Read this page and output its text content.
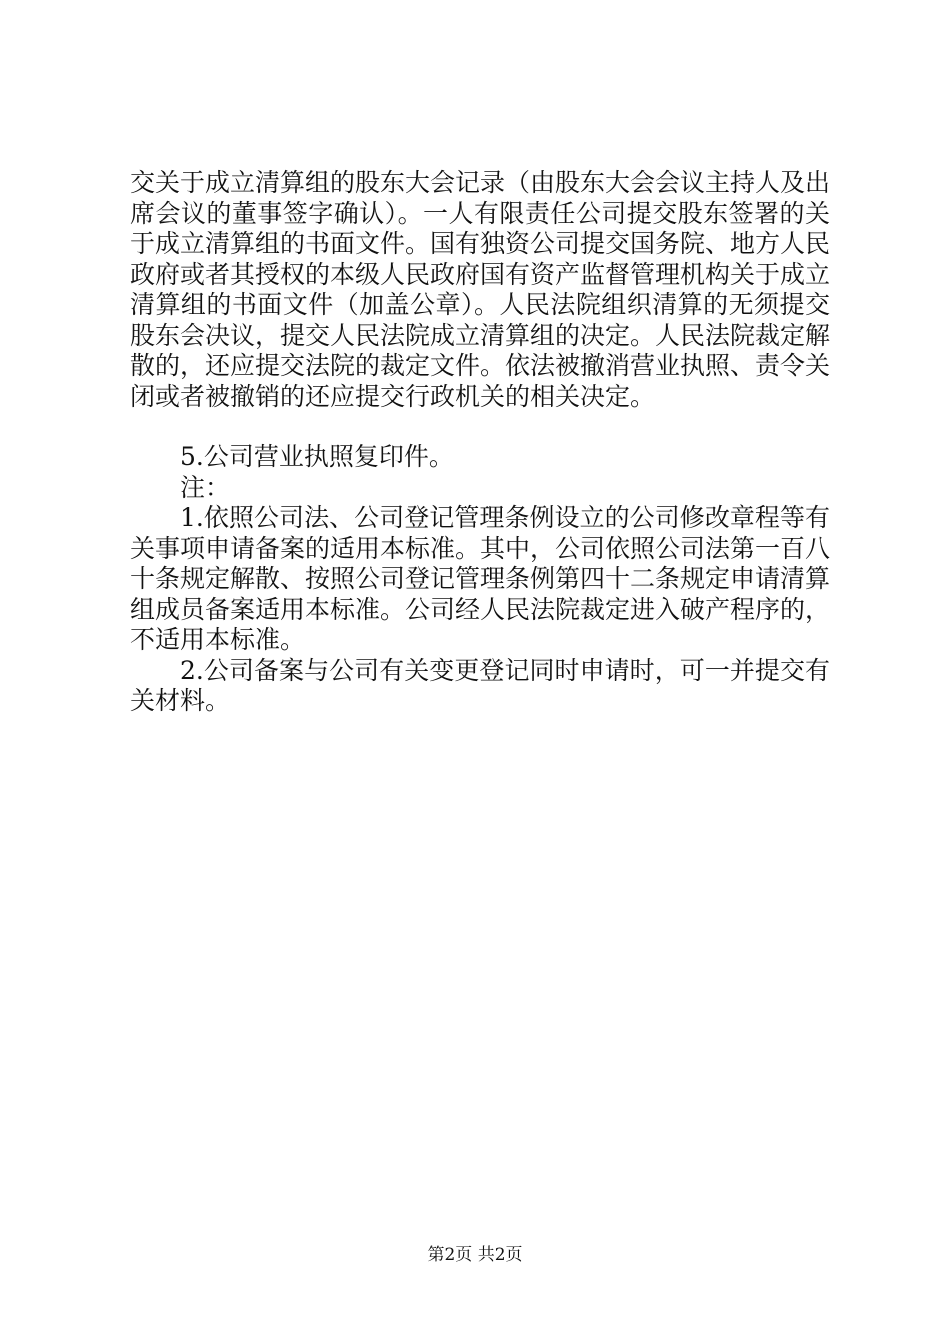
交关于成立清算组的股东大会记录（由股东大会会议主持人及出席会议的董事签字确认）。一人有限责任公司提交股东签署的关于成立清算组的书面文件。国有独资公司提交国务院、地方人民政府或者其授权的本级人民政府国有资产监督管理机构关于成立清算组的书面文件（加盖公章）。人民法院组织清算的无须提交股东会决议，提交人民法院成立清算组的决定。人民法院裁定解散的，还应提交法院的裁定文件。依法被撤消营业执照、责令关闭或者被撤销的还应提交行政机关的相关决定。

5.公司营业执照复印件。

注：

1.依照公司法、公司登记管理条例设立的公司修改章程等有关事项申请备案的适用本标准。其中，公司依照公司法第一百八十条规定解散、按照公司登记管理条例第四十二条规定申请清算组成员备案适用本标准。公司经人民法院裁定进入破产程序的，不适用本标准。

2.公司备案与公司有关变更登记同时申请时，可一并提交有关材料。

第2页 共2页
